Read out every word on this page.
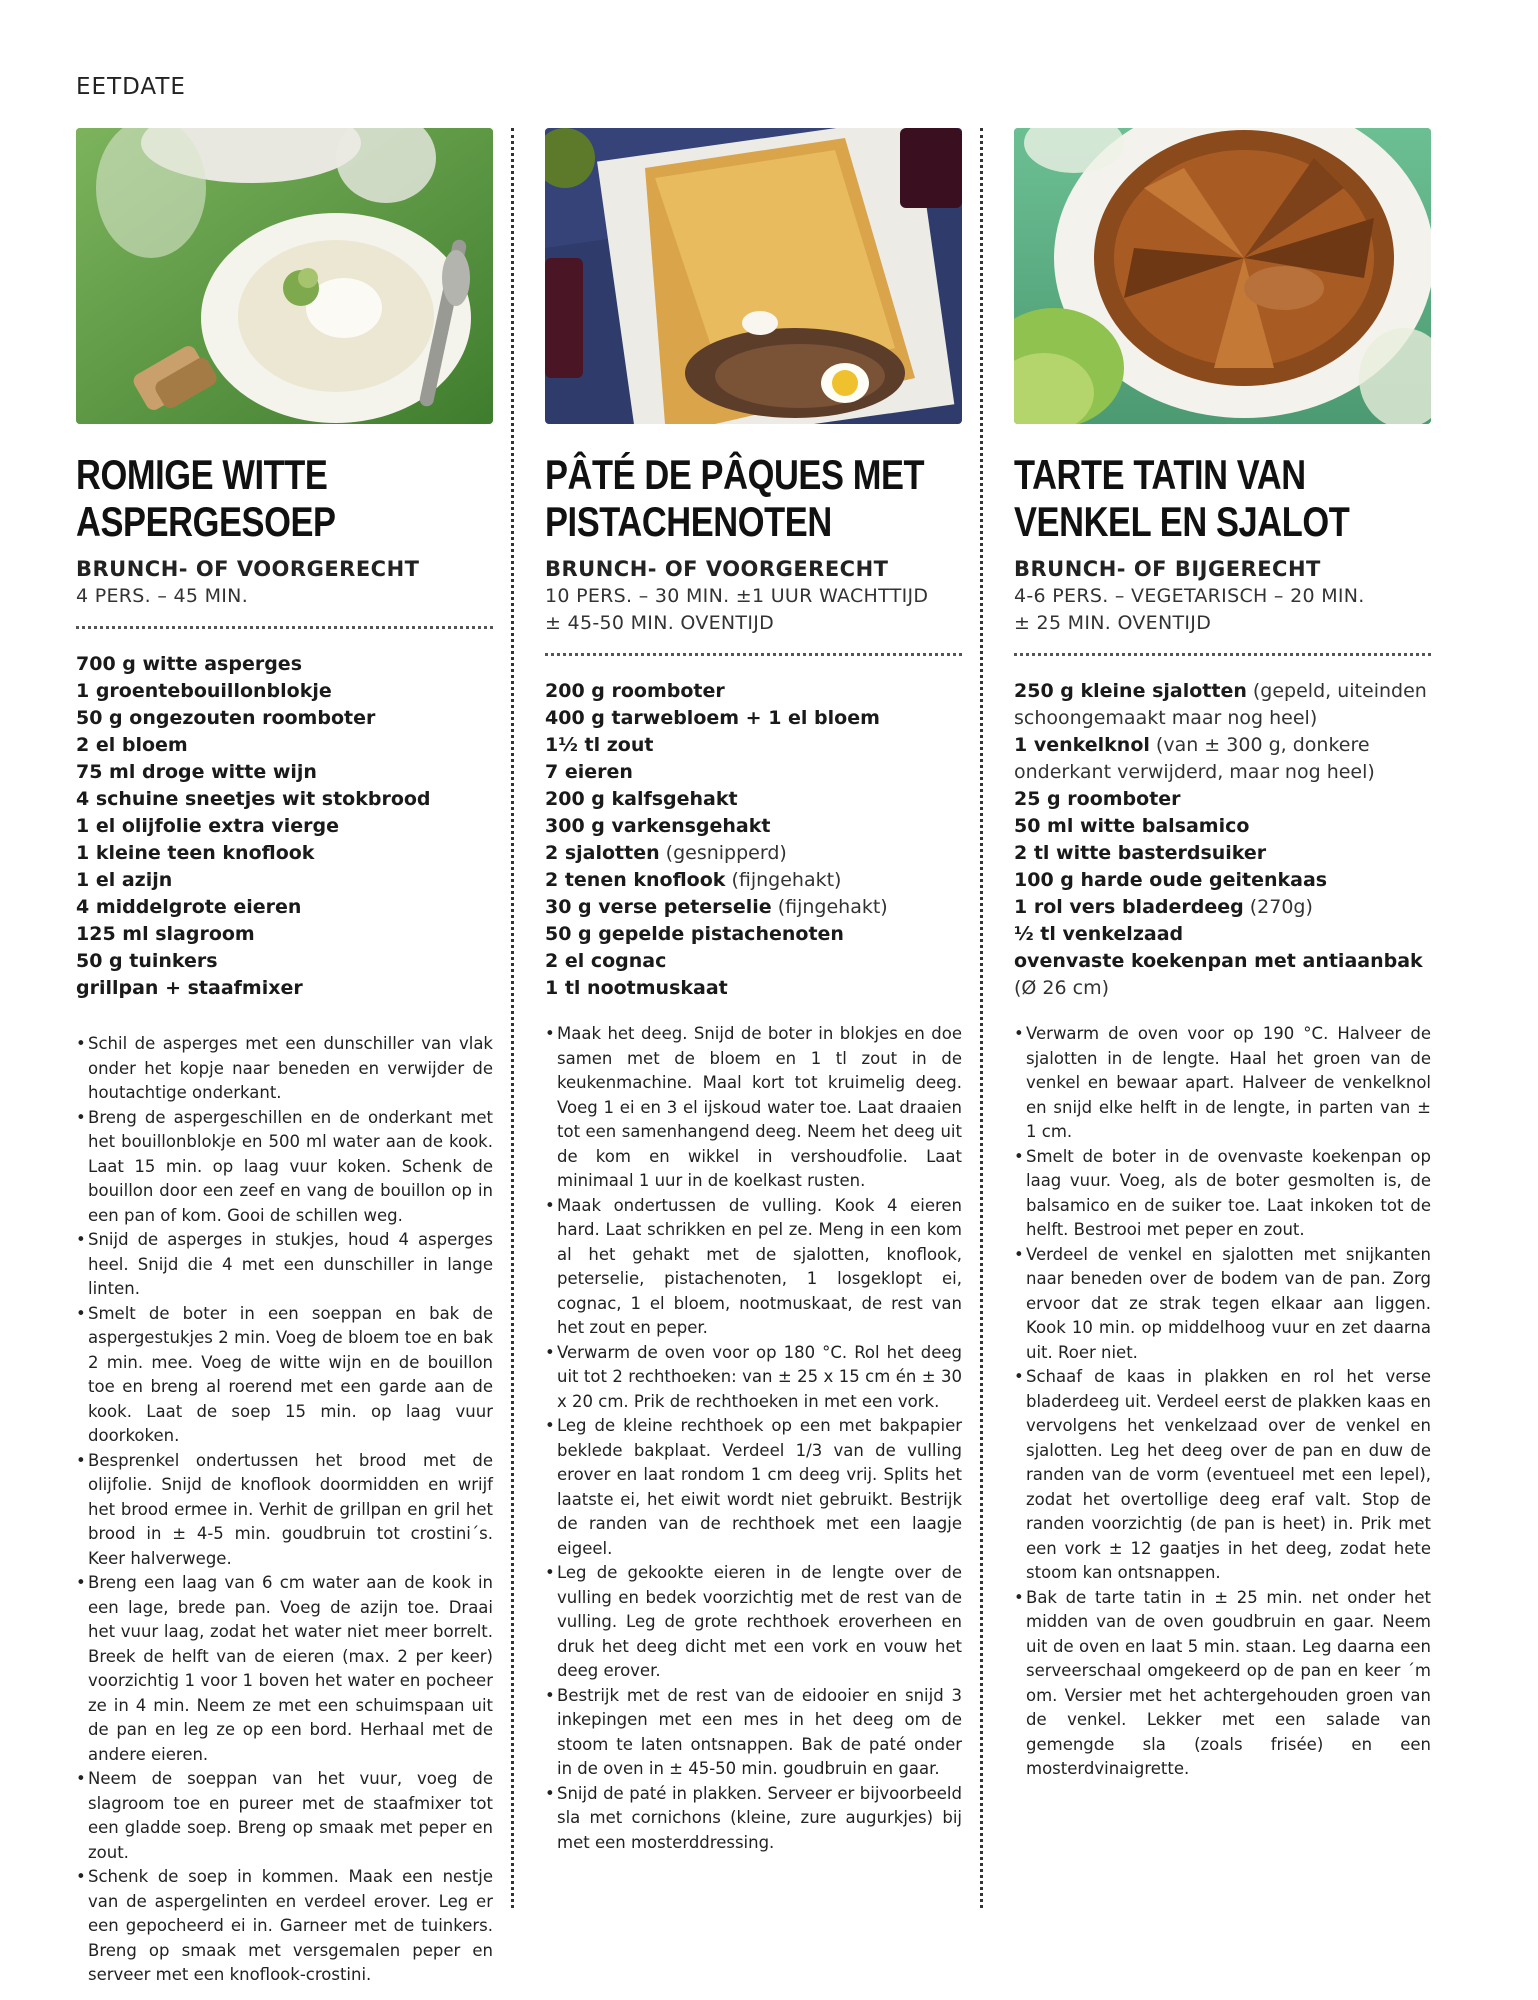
EETDATE
ROMIGE WITTE ASPERGESOEP
BRUNCH- OF VOORGERECHT
4 PERS. – 45 MIN.
700 g witte asperges
1 groentebouillonblokje
50 g ongezouten roomboter
2 el bloem
75 ml droge witte wijn
4 schuine sneetjes wit stokbrood
1 el olijfolie extra vierge
1 kleine teen knoflook
1 el azijn
4 middelgrote eieren
125 ml slagroom
50 g tuinkers
grillpan + staafmixer
• Schil de asperges met een dunschiller van vlak onder het kopje naar beneden en verwijder de houtachtige onderkant.
• Breng de aspergeschillen en de onderkant met het bouillonblokje en 500 ml water aan de kook. Laat 15 min. op laag vuur koken. Schenk de bouillon door een zeef en vang de bouillon op in een pan of kom. Gooi de schillen weg.
• Snijd de asperges in stukjes, houd 4 asperges heel. Snijd die 4 met een dunschiller in lange linten.
• Smelt de boter in een soeppan en bak de aspergestukjes 2 min. Voeg de bloem toe en bak 2 min. mee. Voeg de witte wijn en de bouillon toe en breng al roerend met een garde aan de kook. Laat de soep 15 min. op laag vuur doorkoken.
• Besprenkel ondertussen het brood met de olijfolie. Snijd de knoflook doormidden en wrijf het brood ermee in. Verhit de grillpan en gril het brood in ± 4-5 min. goudbruin tot crostini´s. Keer halverwege.
• Breng een laag van 6 cm water aan de kook in een lage, brede pan. Voeg de azijn toe. Draai het vuur laag, zodat het water niet meer borrelt. Breek de helft van de eieren (max. 2 per keer) voorzichtig 1 voor 1 boven het water en pocheer ze in 4 min. Neem ze met een schuimspaan uit de pan en leg ze op een bord. Herhaal met de andere eieren.
• Neem de soeppan van het vuur, voeg de slagroom toe en pureer met de staafmixer tot een gladde soep. Breng op smaak met peper en zout.
• Schenk de soep in kommen. Maak een nestje van de aspergelinten en verdeel erover. Leg er een gepocheerd ei in. Garneer met de tuinkers. Breng op smaak met versgemalen peper en serveer met een knoflook-crostini.
PÂTÉ DE PÂQUES MET PISTACHENOTEN
BRUNCH- OF VOORGERECHT
10 PERS. – 30 MIN. ±1 UUR WACHTTIJD
± 45-50 MIN. OVENTIJD
200 g roomboter
400 g tarwebloem + 1 el bloem
1½ tl zout
7 eieren
200 g kalfsgehakt
300 g varkensgehakt
2 sjalotten (gesnipperd)
2 tenen knoflook (fijngehakt)
30 g verse peterselie (fijngehakt)
50 g gepelde pistachenoten
2 el cognac
1 tl nootmuskaat
• Maak het deeg. Snijd de boter in blokjes en doe samen met de bloem en 1 tl zout in de keukenmachine. Maal kort tot kruimelig deeg. Voeg 1 ei en 3 el ijskoud water toe. Laat draaien tot een samenhangend deeg. Neem het deeg uit de kom en wikkel in vershoudfolie. Laat minimaal 1 uur in de koelkast rusten.
• Maak ondertussen de vulling. Kook 4 eieren hard. Laat schrikken en pel ze. Meng in een kom al het gehakt met de sjalotten, knoflook, peterselie, pistachenoten, 1 losgeklopt ei, cognac, 1 el bloem, nootmuskaat, de rest van het zout en peper.
• Verwarm de oven voor op 180 °C. Rol het deeg uit tot 2 rechthoeken: van ± 25 x 15 cm én ± 30 x 20 cm. Prik de rechthoeken in met een vork.
• Leg de kleine rechthoek op een met bakpapier beklede bakplaat. Verdeel 1/3 van de vulling erover en laat rondom 1 cm deeg vrij. Splits het laatste ei, het eiwit wordt niet gebruikt. Bestrijk de randen van de rechthoek met een laagje eigeel.
• Leg de gekookte eieren in de lengte over de vulling en bedek voorzichtig met de rest van de vulling. Leg de grote rechthoek eroverheen en druk het deeg dicht met een vork en vouw het deeg erover.
• Bestrijk met de rest van de eidooier en snijd 3 inkepingen met een mes in het deeg om de stoom te laten ontsnappen. Bak de paté onder in de oven in ± 45-50 min. goudbruin en gaar.
• Snijd de paté in plakken. Serveer er bijvoorbeeld sla met cornichons (kleine, zure augurkjes) bij met een mosterddressing.
TARTE TATIN VAN VENKEL EN SJALOT
BRUNCH- OF BIJGERECHT
4-6 PERS. – VEGETARISCH – 20 MIN.
± 25 MIN. OVENTIJD
250 g kleine sjalotten (gepeld, uiteinden schoongemaakt maar nog heel)
1 venkelknol (van ± 300 g, donkere onderkant verwijderd, maar nog heel)
25 g roomboter
50 ml witte balsamico
2 tl witte basterdsuiker
100 g harde oude geitenkaas
1 rol vers bladerdeeg (270g)
½ tl venkelzaad
ovenvaste koekenpan met antiaanbak
(Ø 26 cm)
• Verwarm de oven voor op 190 °C. Halveer de sjalotten in de lengte. Haal het groen van de venkel en bewaar apart. Halveer de venkelknol en snijd elke helft in de lengte, in parten van ± 1 cm.
• Smelt de boter in de ovenvaste koekenpan op laag vuur. Voeg, als de boter gesmolten is, de balsamico en de suiker toe. Laat inkoken tot de helft. Bestrooi met peper en zout.
• Verdeel de venkel en sjalotten met snijkanten naar beneden over de bodem van de pan. Zorg ervoor dat ze strak tegen elkaar aan liggen. Kook 10 min. op middelhoog vuur en zet daarna uit. Roer niet.
• Schaaf de kaas in plakken en rol het verse bladerdeeg uit. Verdeel eerst de plakken kaas en vervolgens het venkelzaad over de venkel en sjalotten. Leg het deeg over de pan en duw de randen van de vorm (eventueel met een lepel), zodat het overtollige deeg eraf valt. Stop de randen voorzichtig (de pan is heet) in. Prik met een vork ± 12 gaatjes in het deeg, zodat hete stoom kan ontsnappen.
• Bak de tarte tatin in ± 25 min. net onder het midden van de oven goudbruin en gaar. Neem uit de oven en laat 5 min. staan. Leg daarna een serveerschaal omgekeerd op de pan en keer ´m om. Versier met het achtergehouden groen van de venkel. Lekker met een salade van gemengde sla (zoals frisée) en een mosterdvinaigrette.
